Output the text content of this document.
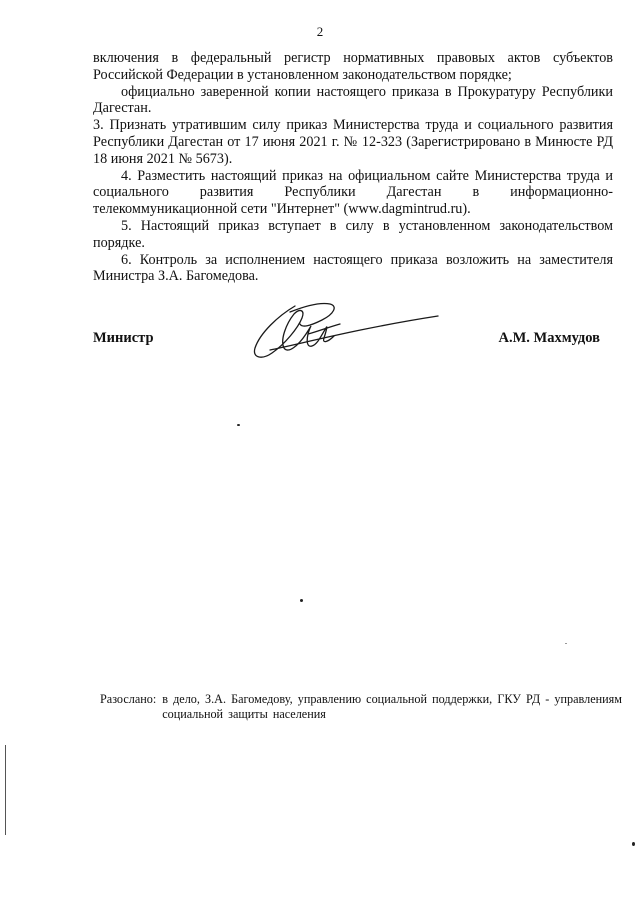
2

включения в федеральный регистр нормативных правовых актов субъектов Российской Федерации в установленном законодательством порядке;

официально заверенной копии настоящего приказа в Прокуратуру Республики Дагестан.

3. Признать утратившим силу приказ Министерства труда и социального развития Республики Дагестан от 17 июня 2021 г. № 12-323 (Зарегистрировано в Минюсте РД 18 июня 2021 № 5673).

4. Разместить настоящий приказ на официальном сайте Министерства труда и социального развития Республики Дагестан в информационно-телекоммуникационной сети "Интернет" (www.dagmintrud.ru).

5. Настоящий приказ вступает в силу в установленном законодательством порядке.

6. Контроль за исполнением настоящего приказа возложить на заместителя Министра З.А. Багомедова.

Министр	А.М. Махмудов
Разослано: в дело, З.А. Багомедову, управлению социальной поддержки, ГКУ РД - управлениям социальной защиты населения
